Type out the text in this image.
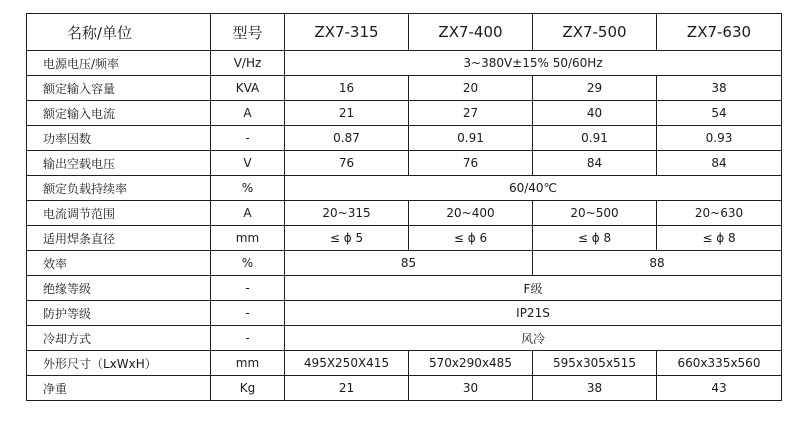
名称/单位	型号	ZX7-315	ZX7-400	ZX7-500	ZX7-630
电源电压/频率	V/Hz	3~380V±15% 50/60Hz			
额定输入容量	KVA	16	20	29	38
额定输入电流	A	21	27	40	54
功率因数	-	0.87	0.91	0.91	0.93
输出空载电压	V	76	76	84	84
额定负载持续率	%	60/40℃			
电流调节范围	A	20~315	20~400	20~500	20~630
适用焊条直径	mm	≤ ϕ 5	≤ ϕ 6	≤ ϕ 8	≤ ϕ 8
效率	%	85		88	
绝缘等级	-	F级			
防护等级	-	IP21S			
冷却方式	-	风冷			
外形尺寸（LxWxH）	mm	495X250X415	570x290x485	595x305x515	660x335x560
净重	Kg	21	30	38	43
